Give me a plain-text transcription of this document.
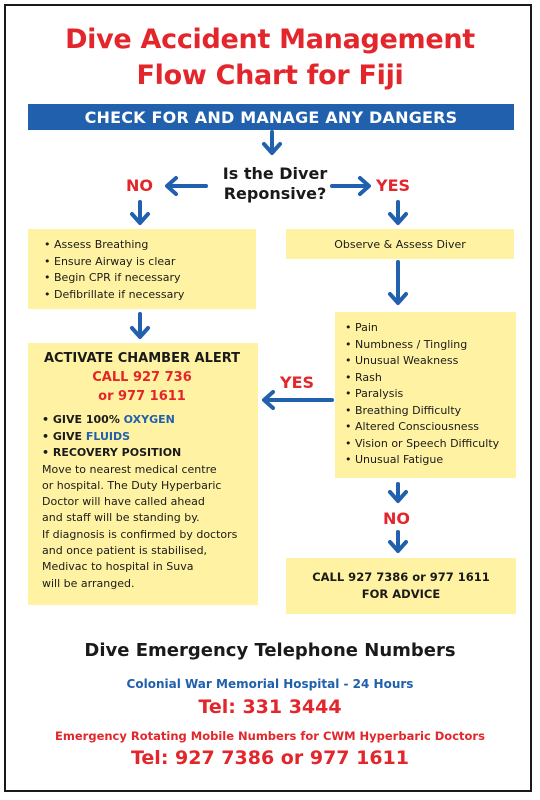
Dive Accident Management
Flow Chart for Fiji
CHECK FOR AND MANAGE ANY DANGERS
Is the Diver
Reponsive?
NO	YES
YES
NO
• Assess Breathing
• Ensure Airway is clear
• Begin CPR if necessary
• Defibrillate if necessary
Observe & Assess Diver
• Pain
• Numbness / Tingling
• Unusual Weakness
• Rash
• Paralysis
• Breathing Difficulty
• Altered Consciousness
• Vision or Speech Difficulty
• Unusual Fatigue
ACTIVATE CHAMBER ALERT
CALL 927 736
or 977 1611
• GIVE 100% OXYGEN
• GIVE FLUIDS
• RECOVERY POSITION

Move to nearest medical centre

or hospital. The Duty Hyperbaric

Doctor will have called ahead

and staff will be standing by.

If diagnosis is confirmed by doctors

and once patient is stabilised,

Medivac to hospital in Suva

will be arranged.	CALL 927 7386 or 977 1611
FOR ADVICE
Dive Emergency Telephone Numbers
Colonial War Memorial Hospital - 24 Hours
Tel: 331 3444
Emergency Rotating Mobile Numbers for CWM Hyperbaric Doctors
Tel: 927 7386 or 977 1611
